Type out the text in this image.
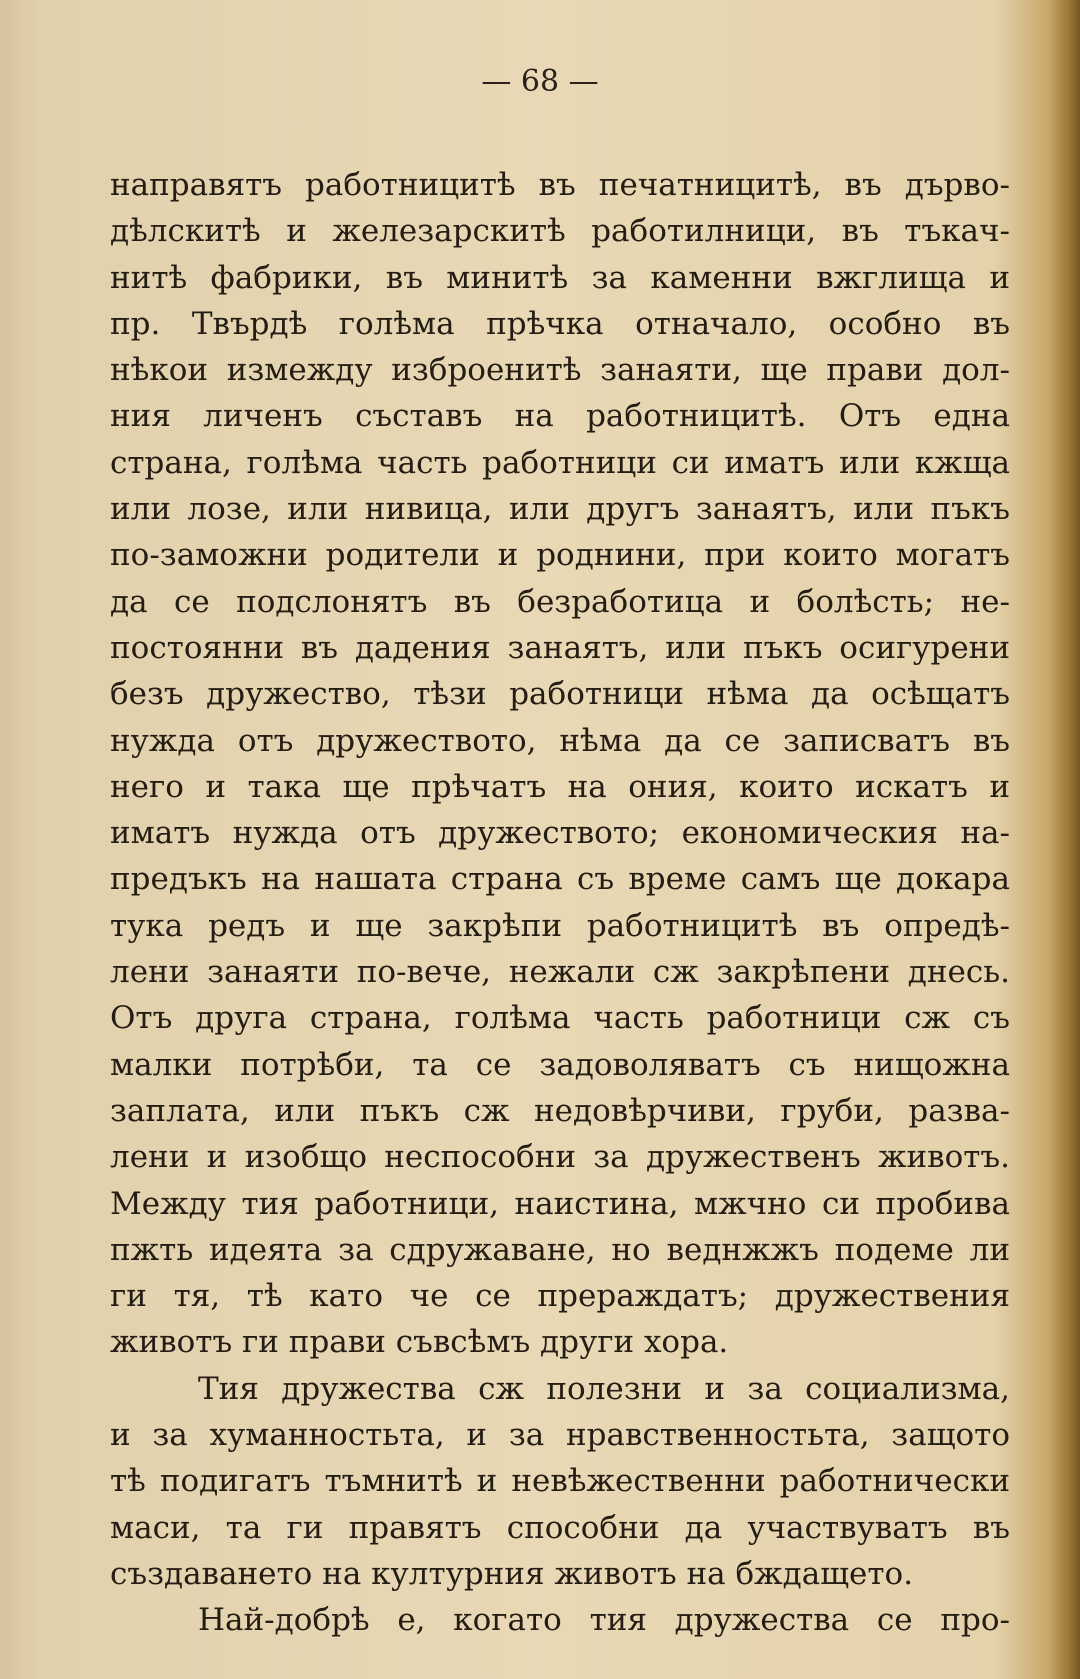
— 68 —
направятъ работницитѣ въ печатницитѣ, въ дърво-
дѣлскитѣ и железарскитѣ работилници, въ тъкач-
нитѣ фабрики, въ минитѣ за каменни вжглища и
пр. Твърдѣ голѣма прѣчка отначало, особно въ
нѣкои измежду изброенитѣ занаяти, ще прави дол-
ния личенъ съставъ на работницитѣ. Отъ една
страна, голѣма часть работници си иматъ или кжща
или лозе, или нивица, или другъ занаятъ, или пъкъ
по-заможни родители и роднини, при които могатъ
да се подслонятъ въ безработица и болѣсть; не-
постоянни въ дадения занаятъ, или пъкъ осигурени
безъ дружество, тѣзи работници нѣма да осѣщатъ
нужда отъ дружеството, нѣма да се записватъ въ
него и така ще прѣчатъ на ония, които искатъ и
иматъ нужда отъ дружеството; економическия на-
предъкъ на нашата страна съ време самъ ще докара
тука редъ и ще закрѣпи работницитѣ въ опредѣ-
лени занаяти по-вече, нежали сж закрѣпени днесь.
Отъ друга страна, голѣма часть работници сж съ
малки потрѣби, та се задоволяватъ съ нищожна
заплата, или пъкъ сж недовѣрчиви, груби, развa-
лени и изобщо неспособни за дружественъ животъ.
Между тия работници, наистина, мжчно си пробива
пжть идеята за сдружаване, но веднжжъ подеме ли
ги тя, тѣ като че се прераждатъ; дружествения
животъ ги прави съвсѣмъ други хора.
Тия дружества сж полезни и за социализма,
и за хуманностьта, и за нравственностьта, защото
тѣ подигатъ тъмнитѣ и невѣжественни работнически
маси, та ги правятъ способни да участвуватъ въ
създаването на културния животъ на бждащето.
Най-добрѣ е, когато тия дружества се про-
